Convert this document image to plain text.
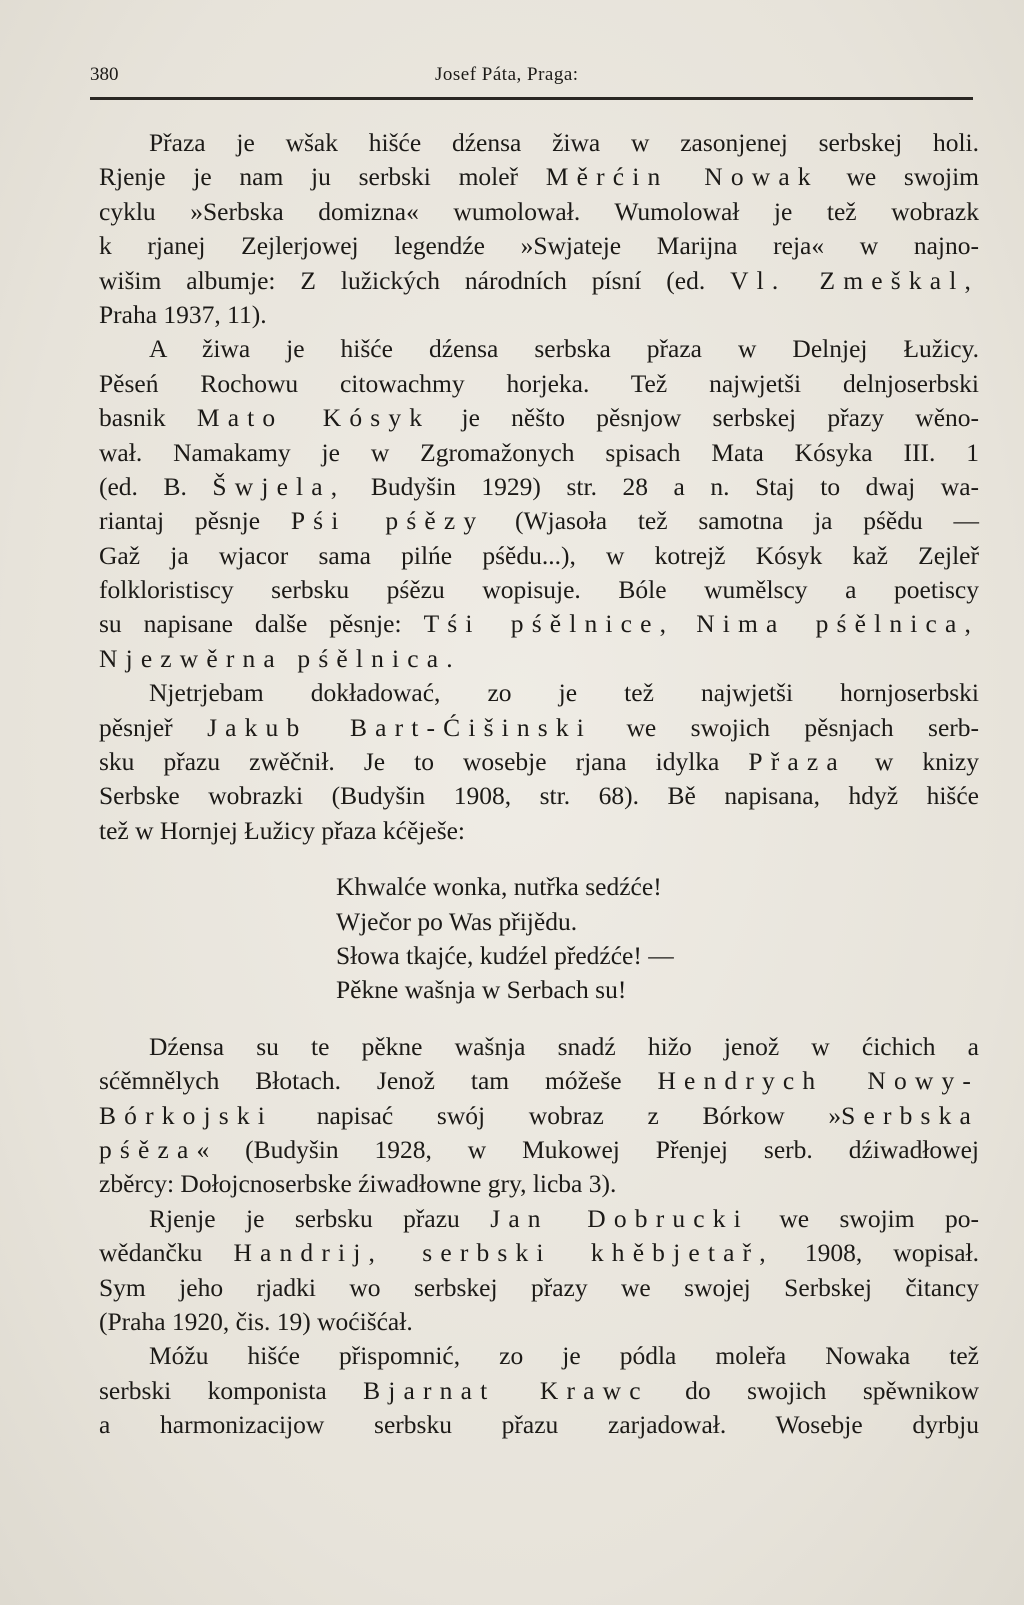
380	Josef Páta, Praga:
Přaza je wšak hišće dźensa žiwa w zasonjenej serbskej holi.
Rjenje je nam ju serbski moleř Měrćin Nowak we swojim
cyklu »Serbska domizna« wumolował. Wumolował je tež wobrazk
k rjanej Zejlerjowej legendźe »Swjateje Marijna reja« w najno-
wišim albumje: Z lužických národních písní (ed. Vl. Zmeškal,
Praha 1937, 11).
A žiwa je hišće dźensa serbska přaza w Delnjej Łužicy.
Pěseń Rochowu citowachmy horjeka. Tež najwjetši delnjoserbski
basnik Mato Kósyk je něšto pěsnjow serbskej přazy wěno-
wał. Namakamy je w Zgromažonych spisach Mata Kósyka III. 1
(ed. B. Šwjela, Budyšin 1929) str. 28 a n. Staj to dwaj wa-
riantaj pěsnje Pśi pśězy (Wjasoła tež samotna ja pśědu —
Gaž ja wjacor sama pilńe pśědu...), w kotrejž Kósyk kaž Zejleř
folkloristiscy serbsku pśězu wopisuje. Bóle wumělscy a poetiscy
su napisane dalše pěsnje: Tśi pśělnice, Nima pśělnica,
Njezwěrna pśělnica.
Njetrjebam dokładować, zo je tež najwjetši hornjoserbski
pěsnjeř Jakub Bart-Ćišinski we swojich pěsnjach serb-
sku přazu zwěčnił. Je to wosebje rjana idylka Přaza w knizy
Serbske wobrazki (Budyšin 1908, str. 68). Bě napisana, hdyž hišće
tež w Hornjej Łužicy přaza kćěješe:
Khwalće wonka, nutřka sedźće!
Wječor po Was přijědu.
Słowa tkajće, kudźel předźće! —
Pěkne wašnja w Serbach su!
Dźensa su te pěkne wašnja snadź hižo jenož w ćichich a
sćěmnělych Błotach. Jenož tam móžeše Hendrych Nowy-
Bórkojski napisać swój wobraz z Bórkow »Serbska
pśěza« (Budyšin 1928, w Mukowej Přenjej serb. dźiwadłowej
zběrcy: Dołojcnoserbske źiwadłowne gry, licba 3).
Rjenje je serbsku přazu Jan Dobrucki we swojim po-
wědančku Handrij, serbski khěbjetař, 1908, wopisał.
Sym jeho rjadki wo serbskej přazy we swojej Serbskej čitancy
(Praha 1920, čis. 19) wоćišćał.
Móžu hišće přispomnić, zo je pódla moleřa Nowaka tež
serbski komponista Bjarnat Krawc do swojich spěwnikow
a harmonizacijow serbsku přazu zarjadował. Wosebje dyrbju
